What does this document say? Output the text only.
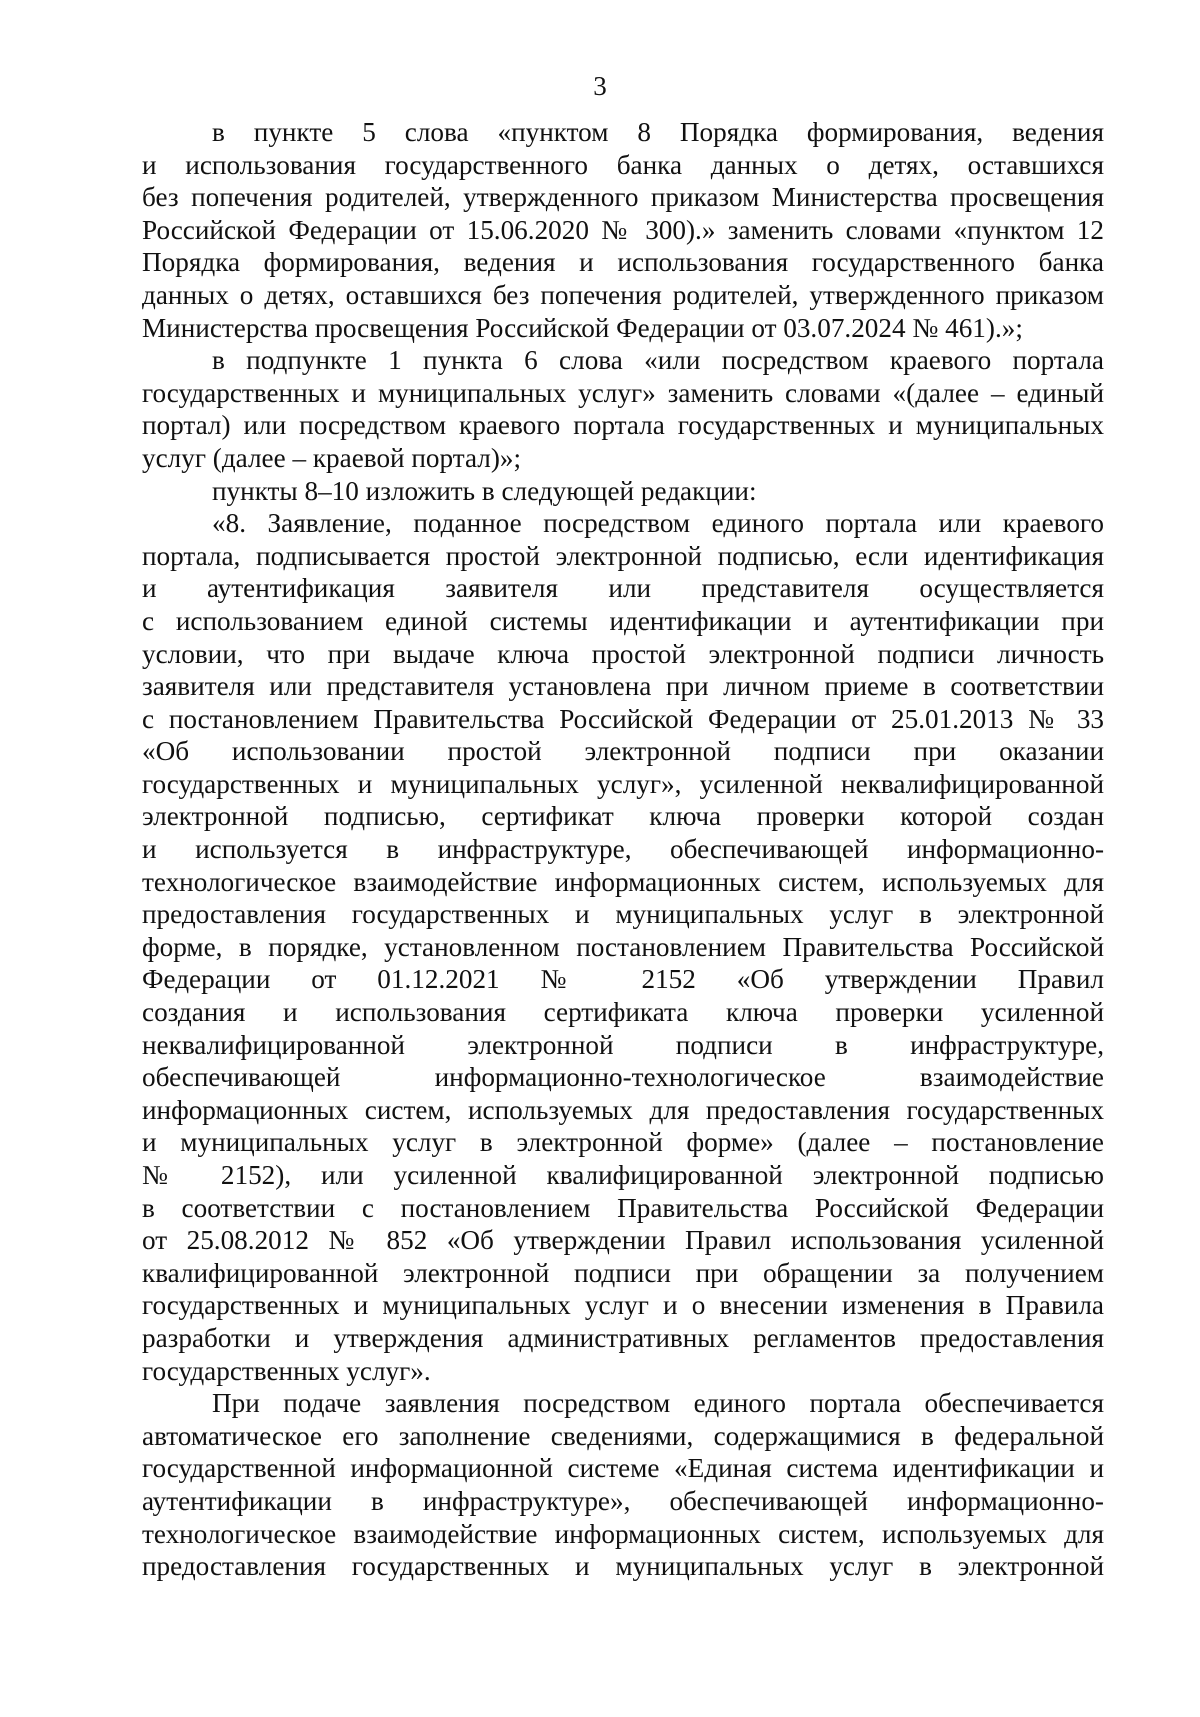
3
в пункте 5 слова «пунктом 8 Порядка формирования, ведения
и использования государственного банка данных о детях, оставшихся
без попечения родителей, утвержденного приказом Министерства просвещения
Российской Федерации от 15.06.2020 № 300).» заменить словами «пунктом 12
Порядка формирования, ведения и использования государственного банка
данных о детях, оставшихся без попечения родителей, утвержденного приказом
Министерства просвещения Российской Федерации от 03.07.2024 № 461).»;
в подпункте 1 пункта 6 слова «или посредством краевого портала
государственных и муниципальных услуг» заменить словами «(далее – единый
портал) или посредством краевого портала государственных и муниципальных
услуг (далее – краевой портал)»;
пункты 8–10 изложить в следующей редакции:
«8. Заявление, поданное посредством единого портала или краевого
портала, подписывается простой электронной подписью, если идентификация
и аутентификация заявителя или представителя осуществляется
с использованием единой системы идентификации и аутентификации при
условии, что при выдаче ключа простой электронной подписи личность
заявителя или представителя установлена при личном приеме в соответствии
с постановлением Правительства Российской Федерации от 25.01.2013 № 33
«Об использовании простой электронной подписи при оказании
государственных и муниципальных услуг», усиленной неквалифицированной
электронной подписью, сертификат ключа проверки которой создан
и используется в инфраструктуре, обеспечивающей информационно-
технологическое взаимодействие информационных систем, используемых для
предоставления государственных и муниципальных услуг в электронной
форме, в порядке, установленном постановлением Правительства Российской
Федерации от 01.12.2021 № 2152 «Об утверждении Правил
создания и использования сертификата ключа проверки усиленной
неквалифицированной электронной подписи в инфраструктуре,
обеспечивающей информационно-технологическое взаимодействие
информационных систем, используемых для предоставления государственных
и муниципальных услуг в электронной форме» (далее – постановление
№ 2152), или усиленной квалифицированной электронной подписью
в соответствии с постановлением Правительства Российской Федерации
от 25.08.2012 № 852 «Об утверждении Правил использования усиленной
квалифицированной электронной подписи при обращении за получением
государственных и муниципальных услуг и о внесении изменения в Правила
разработки и утверждения административных регламентов предоставления
государственных услуг».
При подаче заявления посредством единого портала обеспечивается
автоматическое его заполнение сведениями, содержащимися в федеральной
государственной информационной системе «Единая система идентификации и
аутентификации в инфраструктуре», обеспечивающей информационно-
технологическое взаимодействие информационных систем, используемых для
предоставления государственных и муниципальных услуг в электронной
